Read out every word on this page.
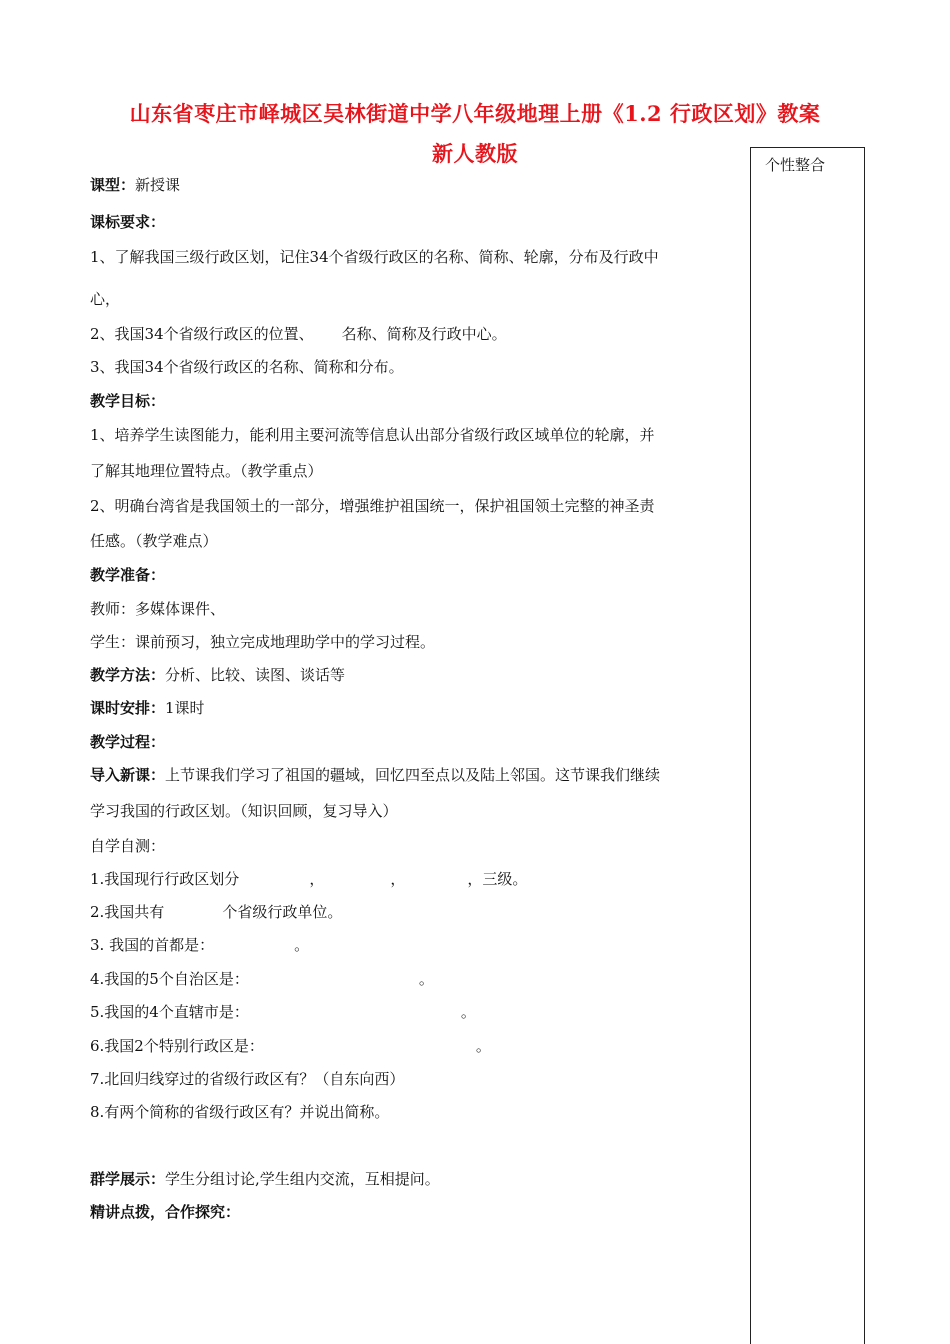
山东省枣庄市峄城区吴林街道中学八年级地理上册《1.2 行政区划》教案
新人教版	个性整合
课型：新授课
课标要求：
1、了解我国三级行政区划，记住34个省级行政区的名称、简称、轮廓，分布及行政中
心，
2、我国34个省级行政区的位置、 名称、简称及行政中心。
3、我国34个省级行政区的名称、简称和分布。
教学目标：
1、培养学生读图能力，能利用主要河流等信息认出部分省级行政区域单位的轮廓，并
了解其地理位置特点。（教学重点）
2、明确台湾省是我国领土的一部分，增强维护祖国统一，保护祖国领土完整的神圣责
任感。（教学难点）
教学准备：
教师：多媒体课件、
学生：课前预习，独立完成地理助学中的学习过程。
教学方法：分析、比较、读图、谈话等
课时安排：1课时
教学过程：
导入新课：上节课我们学习了祖国的疆域，回忆四至点以及陆上邻国。这节课我们继续
学习我国的行政区划。（知识回顾，复习导入）
自学自测：
1.我国现行行政区划分	，	，	，三级。
2.我国共有	个省级行政单位。
3. 我国的首都是：	。
4.我国的5个自治区是：	。
5.我国的4个直辖市是：	。
6.我国2个特别行政区是：	。
7.北回归线穿过的省级行政区有？（自东向西）
8.有两个简称的省级行政区有？并说出简称。
群学展示：学生分组讨论,学生组内交流，互相提问。
精讲点拨，合作探究：
